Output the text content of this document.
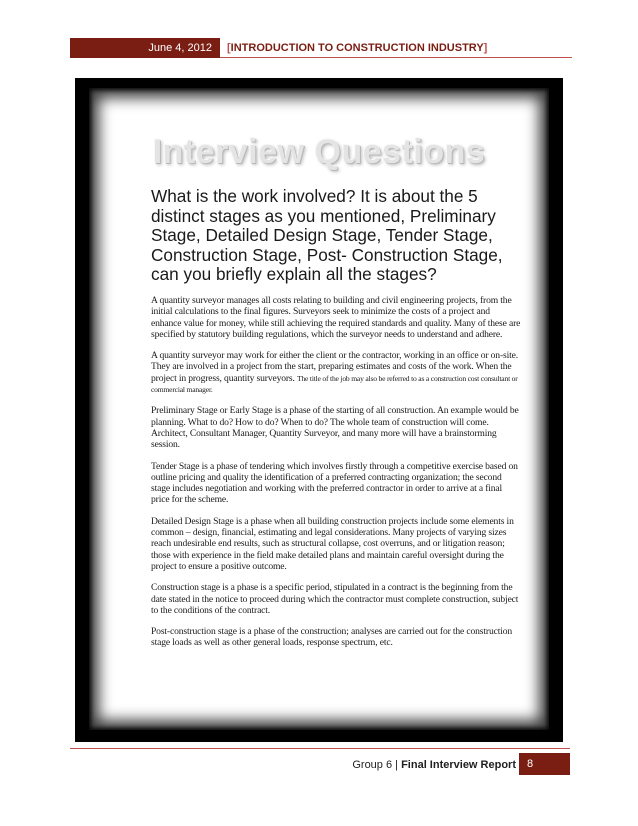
June 4, 2012	[INTRODUCTION TO CONSTRUCTION INDUSTRY]
Interview Questions
What is the work involved? It is about the 5 distinct stages as you mentioned, Preliminary Stage, Detailed Design Stage, Tender Stage, Construction Stage, Post- Construction Stage, can you briefly explain all the stages?

A quantity surveyor manages all costs relating to building and civil engineering projects, from the initial calculations to the final figures. Surveyors seek to minimize the costs of a project and enhance value for money, while still achieving the required standards and quality. Many of these are specified by statutory building regulations, which the surveyor needs to understand and adhere.

A quantity surveyor may work for either the client or the contractor, working in an office or on-site. They are involved in a project from the start, preparing estimates and costs of the work. When the project in progress, quantity surveyors. The title of the job may also be referred to as a construction cost consultant or commercial manager.

Preliminary Stage or Early Stage is a phase of the starting of all construction. An example would be planning. What to do? How to do? When to do? The whole team of construction will come. Architect, Consultant Manager, Quantity Surveyor, and many more will have a brainstorming session.

Tender Stage is a phase of tendering which involves firstly through a competitive exercise based on outline pricing and quality the identification of a preferred contracting organization; the second stage includes negotiation and working with the preferred contractor in order to arrive at a final price for the scheme.

Detailed Design Stage is a phase when all building construction projects include some elements in common – design, financial, estimating and legal considerations. Many projects of varying sizes reach undesirable end results, such as structural collapse, cost overruns, and or litigation reason; those with experience in the field make detailed plans and maintain careful oversight during the project to ensure a positive outcome.

Construction stage is a phase is a specific period, stipulated in a contract is the beginning from the date stated in the notice to proceed during which the contractor must complete construction, subject to the conditions of the contract.

Post-construction stage is a phase of the construction; analyses are carried out for the construction stage loads as well as other general loads, response spectrum, etc.

Group 6 | Final Interview Report	8
